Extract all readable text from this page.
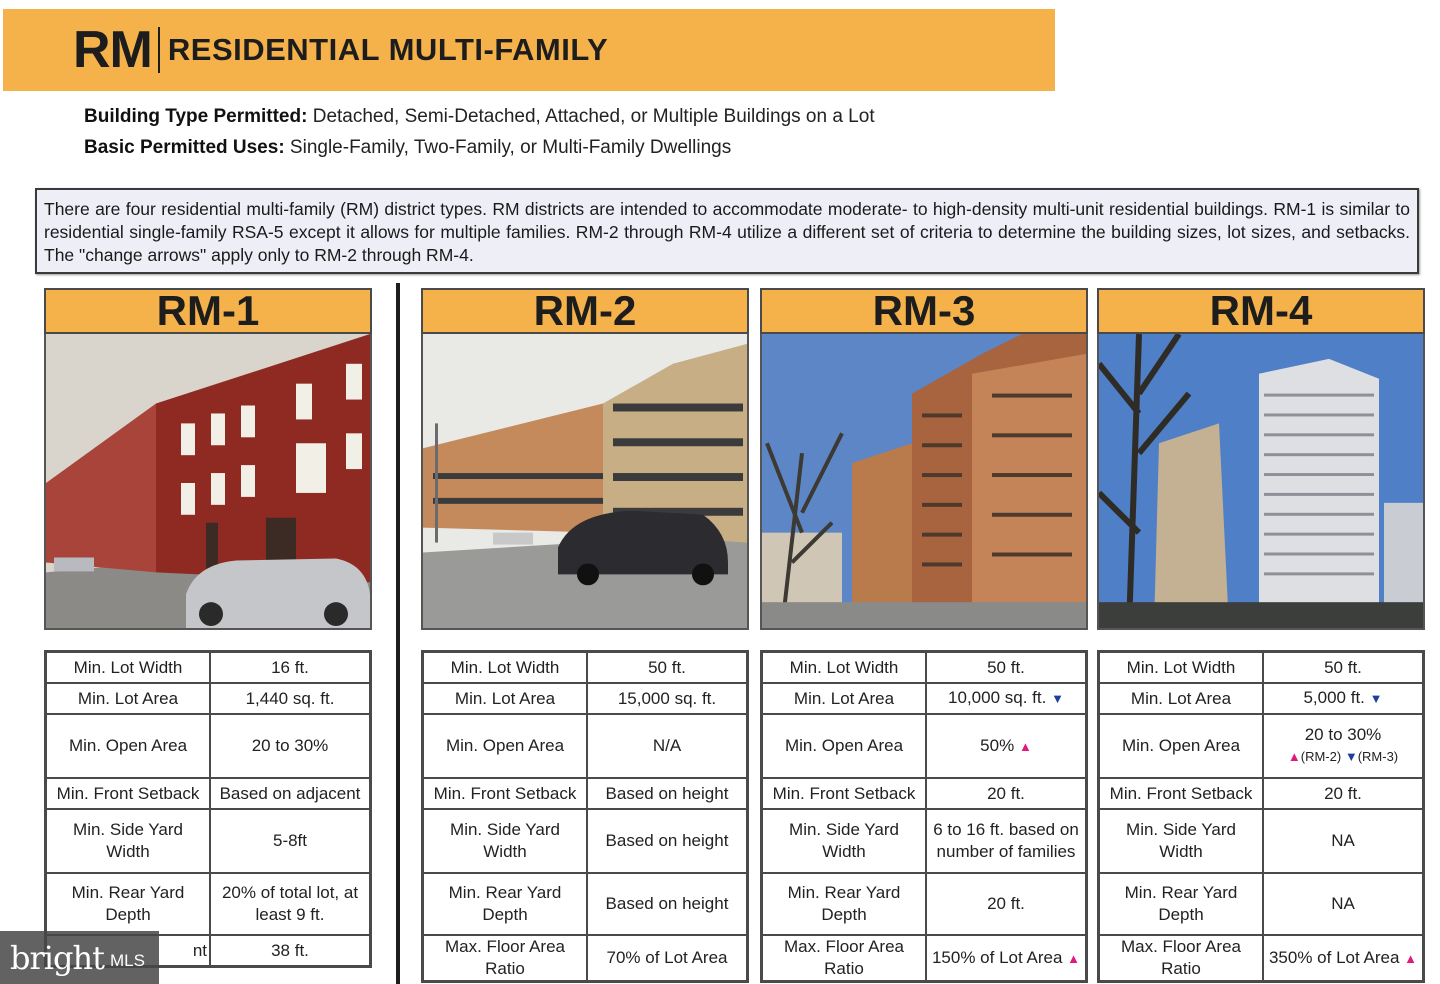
RM RESIDENTIAL MULTI-FAMILY
Building Type Permitted: Detached, Semi-Detached, Attached, or Multiple Buildings on a Lot
Basic Permitted Uses: Single-Family, Two-Family, or Multi-Family Dwellings
There are four residential multi-family (RM) district types. RM districts are intended to accommodate moderate- to high-density multi-unit residential buildings. RM-1 is similar to residential single-family RSA-5 except it allows for multiple families. RM-2 through RM-4 utilize a different set of criteria to determine the building sizes, lot sizes, and setbacks. The "change arrows" apply only to RM-2 through RM-4.
RM-1	RM-2	RM-3	RM-4
Min. Lot Width	16 ft.
Min. Lot Area	1,440 sq. ft.
Min. Open Area	20 to 30%
Min. Front Setback	Based on adjacent
Min. Side Yard Width	5-8ft
Min. Rear Yard Depth	20% of total lot, at least 9 ft.
nt	38 ft.
Min. Lot Width	50 ft.
Min. Lot Area	15,000 sq. ft.
Min. Open Area	N/A
Min. Front Setback	Based on height
Min. Side Yard Width	Based on height
Min. Rear Yard Depth	Based on height
Max. Floor Area Ratio	70% of Lot Area
Min. Lot Width	50 ft.
Min. Lot Area	10,000 sq. ft. ▼
Min. Open Area	50% ▲
Min. Front Setback	20 ft.
Min. Side Yard Width	6 to 16 ft. based on number of families
Min. Rear Yard Depth	20 ft.
Max. Floor Area Ratio	150% of Lot Area ▲
Min. Lot Width	50 ft.
Min. Lot Area	5,000 ft. ▼
Min. Open Area	20 to 30%
▲(RM-2) ▼(RM-3)

Min. Front Setback	20 ft.
Min. Side Yard Width	NA
Min. Rear Yard Depth	NA
Max. Floor Area Ratio	350% of Lot Area ▲
bright MLS
